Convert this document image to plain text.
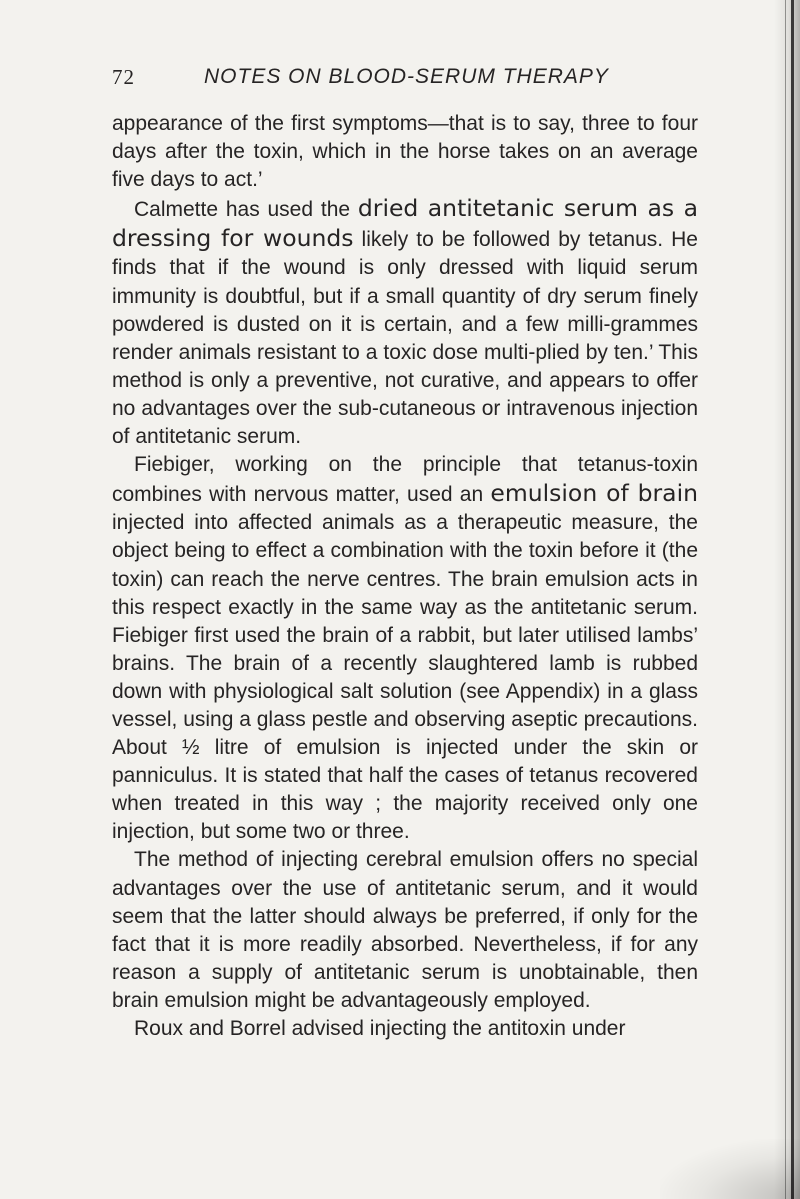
72	NOTES ON BLOOD-SERUM THERAPY

appearance of the first symptoms—that is to say, three to four days after the toxin, which in the horse takes on an average five days to act.’

Calmette has used the dried antitetanic serum as a dressing for wounds likely to be followed by tetanus. He finds that if the wound is only dressed with liquid serum immunity is doubtful, but if a small quantity of dry serum finely powdered is dusted on it is certain, and a few milli-grammes render animals resistant to a toxic dose multi-plied by ten.’ This method is only a preventive, not curative, and appears to offer no advantages over the sub-cutaneous or intravenous injection of antitetanic serum.

Fiebiger, working on the principle that tetanus-toxin combines with nervous matter, used an emulsion of brain injected into affected animals as a therapeutic measure, the object being to effect a combination with the toxin before it (the toxin) can reach the nerve centres. The brain emulsion acts in this respect exactly in the same way as the antitetanic serum. Fiebiger first used the brain of a rabbit, but later utilised lambs’ brains. The brain of a recently slaughtered lamb is rubbed down with physiological salt solution (see Appendix) in a glass vessel, using a glass pestle and observing aseptic precautions. About ½ litre of emulsion is injected under the skin or panniculus. It is stated that half the cases of tetanus recovered when treated in this way ; the majority received only one injection, but some two or three.

The method of injecting cerebral emulsion offers no special advantages over the use of antitetanic serum, and it would seem that the latter should always be preferred, if only for the fact that it is more readily absorbed. Nevertheless, if for any reason a supply of antitetanic serum is unobtainable, then brain emulsion might be advantageously employed.

Roux and Borrel advised injecting the antitoxin under
